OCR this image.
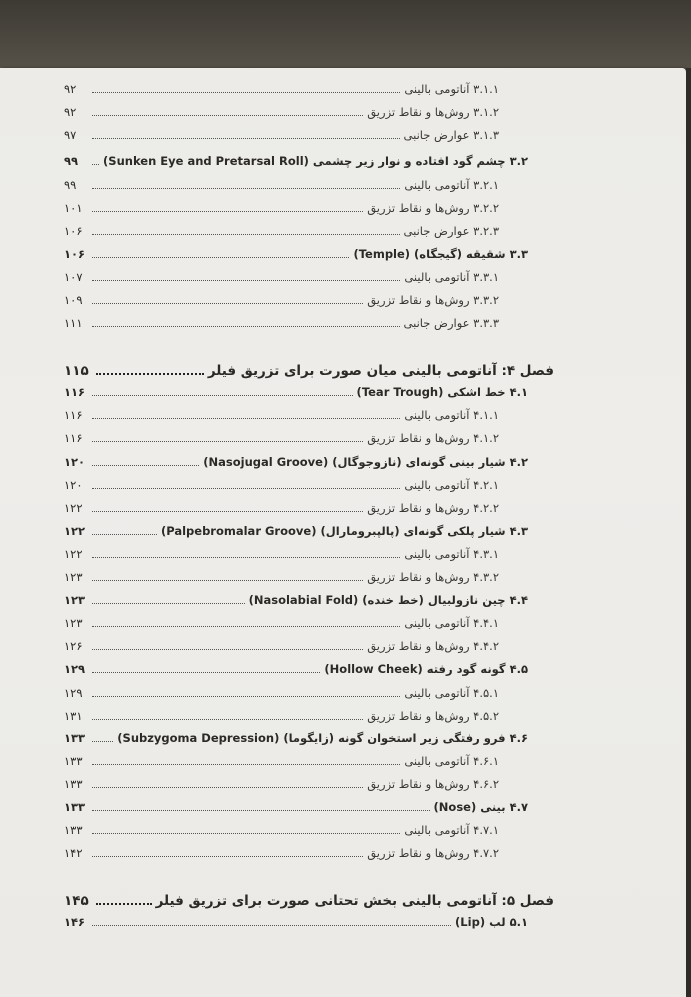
۳.۱.۱ آناتومی بالینی
۹۲
۳.۱.۲ روش‌ها و نقاط تزریق
۹۲
۳.۱.۳ عوارض جانبی
۹۷
۳.۲ چشم گود افتاده و نوار زیر چشمی (Sunken Eye and Pretarsal Roll)
۹۹
۳.۲.۱ آناتومی بالینی
۹۹
۳.۲.۲ روش‌ها و نقاط تزریق
۱۰۱
۳.۲.۳ عوارض جانبی
۱۰۶
۳.۳ شقیقه (گیجگاه) (Temple)
۱۰۶
۳.۳.۱ آناتومی بالینی
۱۰۷
۳.۳.۲ روش‌ها و نقاط تزریق
۱۰۹
۳.۳.۳ عوارض جانبی
۱۱۱
فصل ۴: آناتومی بالینی میان صورت برای تزریق فیلر
۱۱۵
۴.۱ خط اشکی (Tear Trough)
۱۱۶
۴.۱.۱ آناتومی بالینی
۱۱۶
۴.۱.۲ روش‌ها و نقاط تزریق
۱۱۶
۴.۲ شیار بینی گونه‌ای (نازوجوگال) (Nasojugal Groove)
۱۲۰
۴.۲.۱ آناتومی بالینی
۱۲۰
۴.۲.۲ روش‌ها و نقاط تزریق
۱۲۲
۴.۳ شیار پلکی گونه‌ای (پالپبرومارال) (Palpebromalar Groove)
۱۲۲
۴.۳.۱ آناتومی بالینی
۱۲۲
۴.۳.۲ روش‌ها و نقاط تزریق
۱۲۳
۴.۴ چین نازولبیال (خط خنده) (Nasolabial Fold)
۱۲۳
۴.۴.۱ آناتومی بالینی
۱۲۳
۴.۴.۲ روش‌ها و نقاط تزریق
۱۲۶
۴.۵ گونه گود رفته (Hollow Cheek)
۱۲۹
۴.۵.۱ آناتومی بالینی
۱۲۹
۴.۵.۲ روش‌ها و نقاط تزریق
۱۳۱
۴.۶ فرو رفتگی زیر استخوان گونه (زایگوما) (Subzygoma Depression)
۱۳۳
۴.۶.۱ آناتومی بالینی
۱۳۳
۴.۶.۲ روش‌ها و نقاط تزریق
۱۳۳
۴.۷ بینی (Nose)
۱۳۳
۴.۷.۱ آناتومی بالینی
۱۳۳
۴.۷.۲ روش‌ها و نقاط تزریق
۱۴۲
فصل ۵: آناتومی بالینی بخش تحتانی صورت برای تزریق فیلر
۱۴۵
۵.۱ لب (Lip)
۱۴۶
